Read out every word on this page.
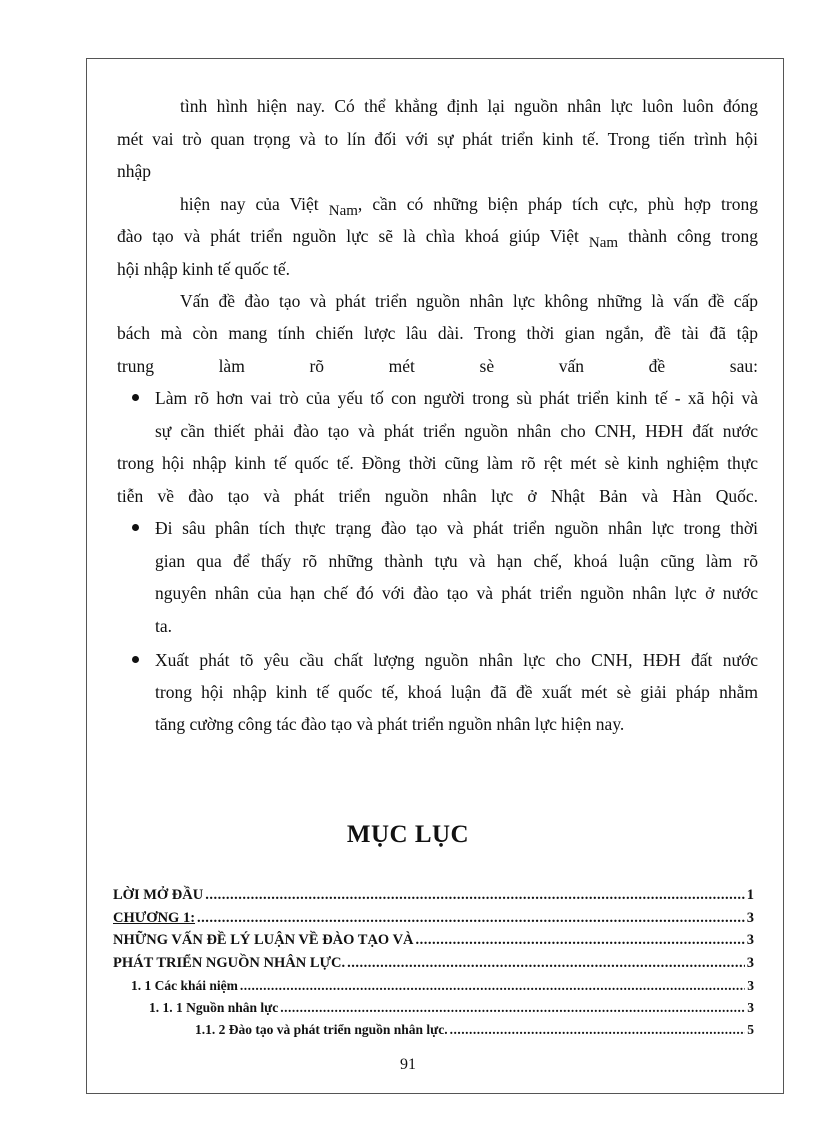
tình hình hiện nay. Có thể khẳng định lại nguồn nhân lực luôn luôn đóng
mét vai trò quan trọng và to lín đối với sự phát triển kinh tế. Trong tiến trình hội
nhập
hiện nay của Việt Nam, cần có những biện pháp tích cực, phù hợp trong
đào tạo và phát triển nguồn lực sẽ là chìa khoá giúp Việt Nam thành công trong
hội nhập kinh tế quốc tế.
Vấn đề đào tạo và phát triển nguồn nhân lực không những là vấn đề cấp
bách mà còn mang tính chiến lược lâu dài. Trong thời gian ngắn, đề tài đã tập
trung làm rõ mét sè vấn đề sau:
Làm rõ hơn vai trò của yếu tố con người trong sù phát triển kinh tế - xã hội và
sự cần thiết phải đào tạo và phát triển nguồn nhân cho CNH, HĐH đất nước
trong hội nhập kinh tế quốc tế. Đồng thời cũng làm rõ rệt mét sè kinh nghiệm thực
tiễn về đào tạo và phát triển nguồn nhân lực ở Nhật Bản và Hàn Quốc.
Đi sâu phân tích thực trạng đào tạo và phát triển nguồn nhân lực trong thời
gian qua để thấy rõ những thành tựu và hạn chế, khoá luận cũng làm rõ
nguyên nhân của hạn chế đó với đào tạo và phát triển nguồn nhân lực ở nước
ta.
Xuất phát tõ yêu cầu chất lượng nguồn nhân lực cho CNH, HĐH đất nước
trong hội nhập kinh tế quốc tế, khoá luận đã đề xuất mét sè giải pháp nhằm
tăng cường công tác đào tạo và phát triển nguồn nhân lực hiện nay.
MỤC LỤC
LỜI MỞ ĐẦU .....	1
CHƯƠNG 1: .....	3
NHỮNG VẤN ĐỀ LÝ LUẬN VỀ ĐÀO TẠO VÀ .....	3
PHÁT TRIỂN NGUỒN NHÂN LỰC. .....	3
1. 1 Các khái niệm .....	3
1. 1. 1 Nguồn nhân lực .....	3
1.1. 2 Đào tạo và phát triển nguồn nhân lực. .....	5
91
